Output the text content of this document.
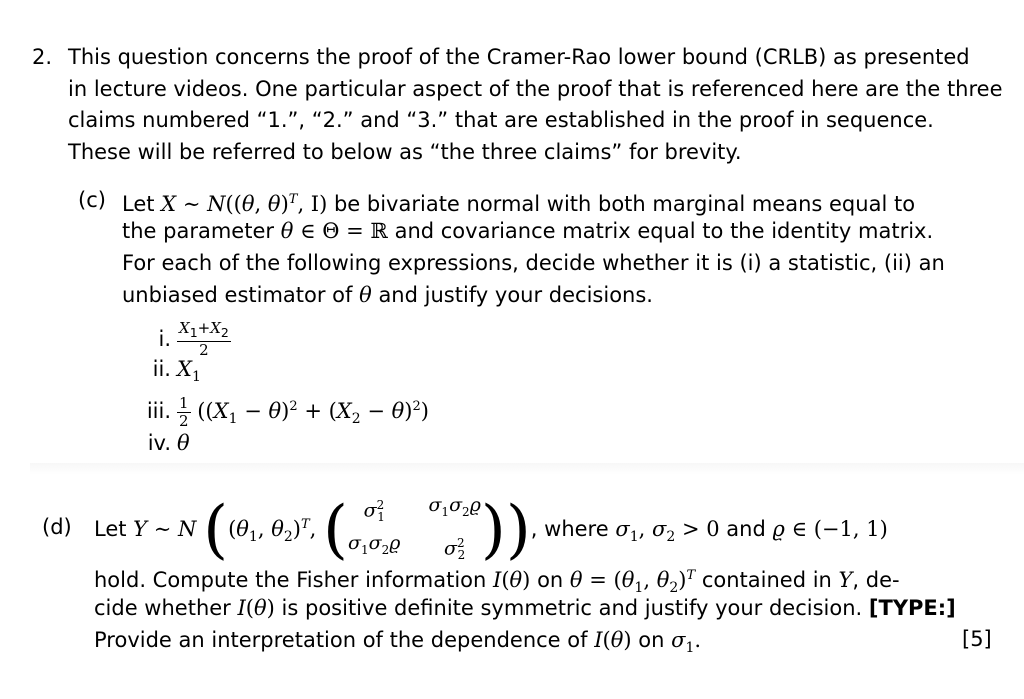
2. This question concerns the proof of the Cramer-Rao lower bound (CRLB) as presented
in lecture videos. One particular aspect of the proof that is referenced here are the three
claims numbered “1.”, “2.” and “3.” that are established in the proof in sequence.
These will be referred to below as “the three claims” for brevity.
(c) Let X ∼ N((θ, θ)$^T$, I) be bivariate normal with both marginal means equal to
the parameter θ ∈ Θ = ℝ and covariance matrix equal to the identity matrix.
For each of the following expressions, decide whether it is (i) a statistic, (ii) an
unbiased estimator of θ and justify your decisions.
i. $\frac{X_1+X_2}{2}$
ii. $X_1$
iii. $\frac{1}{2} ((X_1 - \theta)^2 + (X_2 - \theta)^2)$
iv. θ
(d) Let Y ∼ N (($\theta_1$, $\theta_2)^T$, ( $\sigma^2_1$
$\sigma_1\sigma_2ϱ$
$\sigma_1\sigma_2ϱ$	$\sigma^2_2$ )), where $\sigma_1$, $\sigma_2 > 0$ and ϱ ∈ (−1, 1)
hold. Compute the Fisher information I(θ) on $\theta = (\theta_1$, $\theta_2)^T$ contained in Y, de-
cide whether I(θ) is positive definite symmetric and justify your decision. [TYPE:]
Provide an interpretation of the dependence of I(θ) on $\sigma_1$.	[5]
